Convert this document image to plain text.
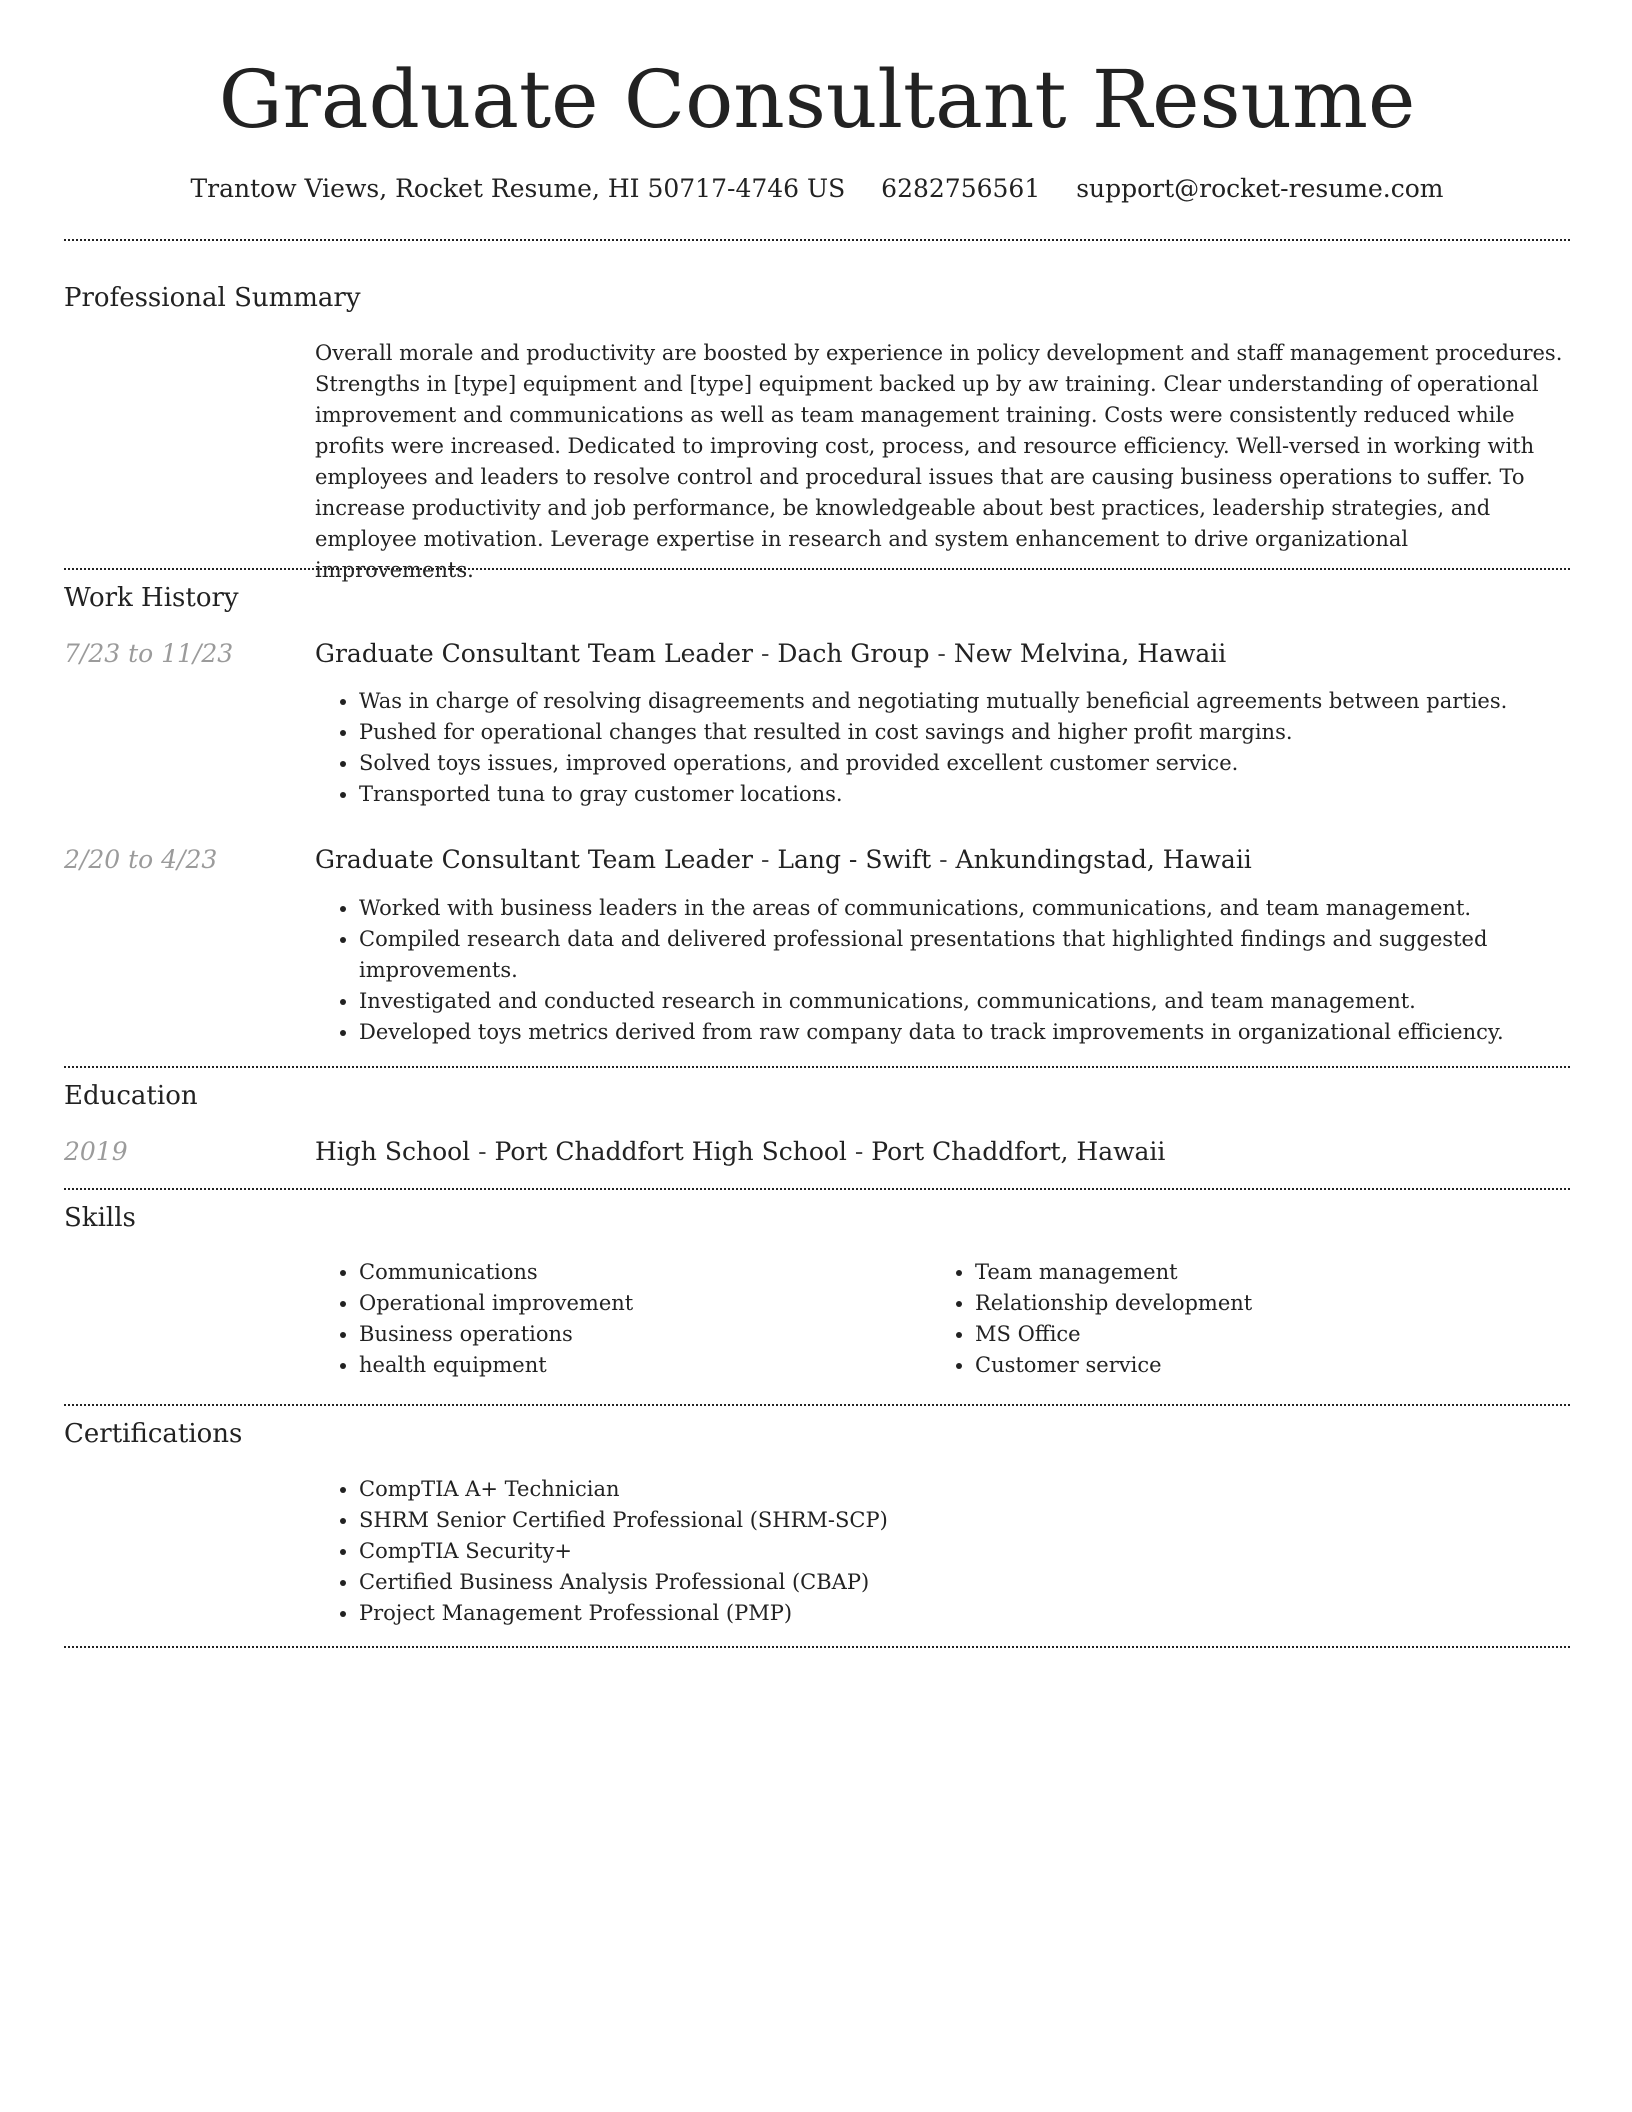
Graduate Consultant Resume
Trantow Views, Rocket Resume, HI 50717-4746 US 6282756561 support@rocket-resume.com
Professional Summary

Overall morale and productivity are boosted by experience in policy development and staff management procedures. Strengths in [type] equipment and [type] equipment backed up by aw training. Clear understanding of operational improvement and communications as well as team management training. Costs were consistently reduced while profits were increased. Dedicated to improving cost, process, and resource efficiency. Well-versed in working with employees and leaders to resolve control and procedural issues that are causing business operations to suffer. To increase productivity and job performance, be knowledgeable about best practices, leadership strategies, and employee motivation. Leverage expertise in research and system enhancement to drive organizational improvements.

Work History
7/23 to 11/23	Graduate Consultant Team Leader - Dach Group - New Melvina, Hawaii
• Was in charge of resolving disagreements and negotiating mutually beneficial agreements between parties.
• Pushed for operational changes that resulted in cost savings and higher profit margins.
• Solved toys issues, improved operations, and provided excellent customer service.
• Transported tuna to gray customer locations.
2/20 to 4/23	Graduate Consultant Team Leader - Lang - Swift - Ankundingstad, Hawaii
• Worked with business leaders in the areas of communications, communications, and team management.
• Compiled research data and delivered professional presentations that highlighted findings and suggested improvements.
• Investigated and conducted research in communications, communications, and team management.
• Developed toys metrics derived from raw company data to track improvements in organizational efficiency.
Education
2019	High School - Port Chaddfort High School - Port Chaddfort, Hawaii
Skills
• Communications
• Operational improvement
• Business operations
• health equipment
• Team management
• Relationship development
• MS Office
• Customer service
Certifications
• CompTIA A+ Technician
• SHRM Senior Certified Professional (SHRM-SCP)
• CompTIA Security+
• Certified Business Analysis Professional (CBAP)
• Project Management Professional (PMP)
